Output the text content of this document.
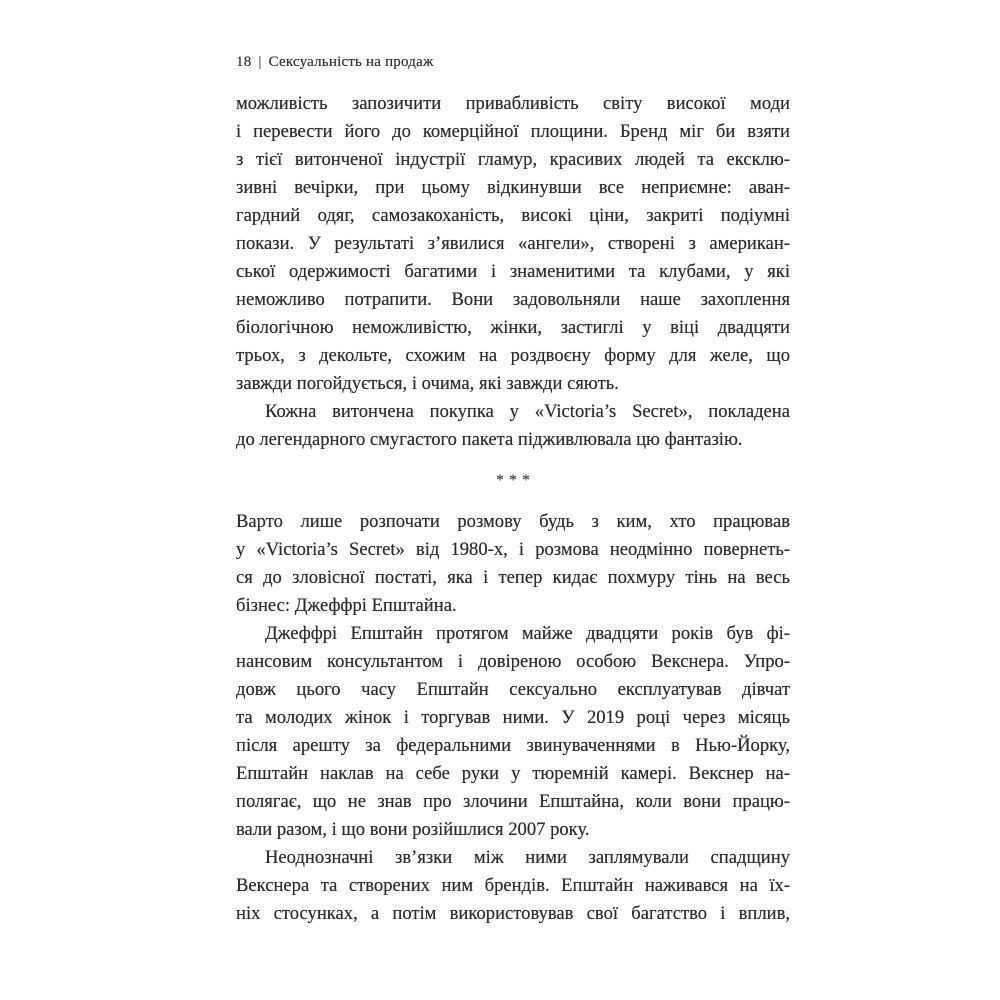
18 | Сексуальність на продаж
можливість запозичити привабливість світу високої моди
і перевести його до комерційної площини. Бренд міг би взяти
з тієї витонченої індустрії гламур, красивих людей та ексклю-
зивні вечірки, при цьому відкинувши все неприємне: аван-
гардний одяг, самозакоханість, високі ціни, закриті подіумні
покази. У результаті з’явилися «ангели», створені з американ-
ської одержимості багатими і знаменитими та клубами, у які
неможливо потрапити. Вони задовольняли наше захоплення
біологічною неможливістю, жінки, застиглі у віці двадцяти
трьох, з декольте, схожим на роздвоєну форму для желе, що
завжди погойдується, і очима, які завжди сяють.
Кожна витончена покупка у «Victoria’s Secret», покладена
до легендарного смугастого пакета підживлювала цю фантазію.
***
Варто лише розпочати розмову будь з ким, хто працював
у «Victoria’s Secret» від 1980-х, і розмова неодмінно повернеть-
ся до зловісної постаті, яка і тепер кидає похмуру тінь на весь
бізнес: Джеффрі Епштайна.
Джеффрі Епштайн протягом майже двадцяти років був фі-
нансовим консультантом і довіреною особою Векснера. Упро-
довж цього часу Епштайн сексуально експлуатував дівчат
та молодих жінок і торгував ними. У 2019 році через місяць
після арешту за федеральними звинуваченнями в Нью-Йорку,
Епштайн наклав на себе руки у тюремній камері. Векснер на-
полягає, що не знав про злочини Епштайна, коли вони працю-
вали разом, і що вони розійшлися 2007 року.
Неоднозначні зв’язки між ними заплямували спадщину
Векснера та створених ним брендів. Епштайн наживався на їх-
ніх стосунках, а потім використовував свої багатство і вплив,
